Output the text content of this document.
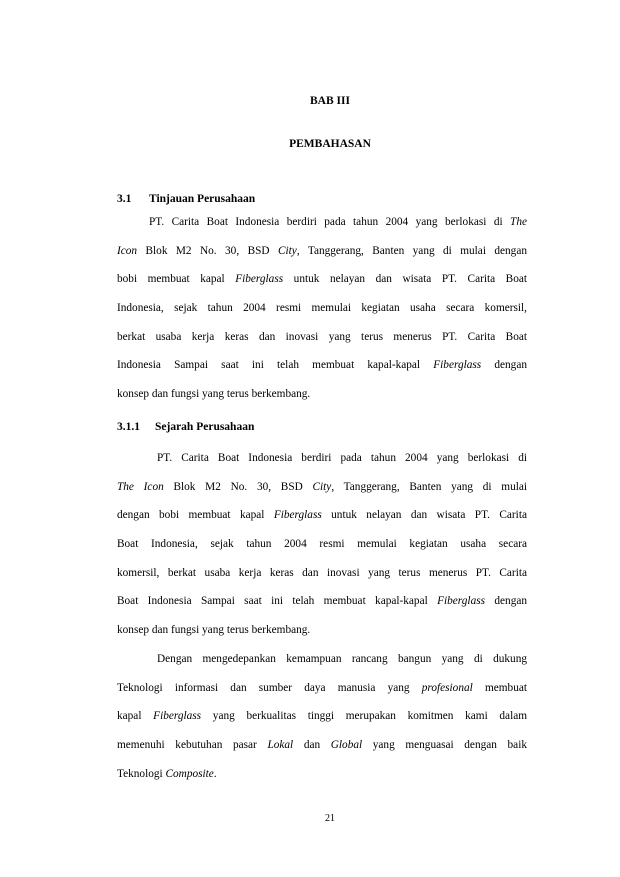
BAB III
PEMBAHASAN
3.1 Tinjauan Perusahaan
PT. Carita Boat Indonesia berdiri pada tahun 2004 yang berlokasi di The
Icon Blok M2 No. 30, BSD City, Tanggerang, Banten yang di mulai dengan
bobi membuat kapal Fiberglass untuk nelayan dan wisata PT. Carita Boat
Indonesia, sejak tahun 2004 resmi memulai kegiatan usaha secara komersil,
berkat usaba kerja keras dan inovasi yang terus menerus PT. Carita Boat
Indonesia Sampai saat ini telah membuat kapal-kapal Fiberglass dengan
konsep dan fungsi yang terus berkembang.
3.1.1 Sejarah Perusahaan
PT. Carita Boat Indonesia berdiri pada tahun 2004 yang berlokasi di
The Icon Blok M2 No. 30, BSD City, Tanggerang, Banten yang di mulai
dengan bobi membuat kapal Fiberglass untuk nelayan dan wisata PT. Carita
Boat Indonesia, sejak tahun 2004 resmi memulai kegiatan usaha secara
komersil, berkat usaba kerja keras dan inovasi yang terus menerus PT. Carita
Boat Indonesia Sampai saat ini telah membuat kapal-kapal Fiberglass dengan
konsep dan fungsi yang terus berkembang.
Dengan mengedepankan kemampuan rancang bangun yang di dukung
Teknologi informasi dan sumber daya manusia yang profesional membuat
kapal Fiberglass yang berkualitas tinggi merupakan komitmen kami dalam
memenuhi kebutuhan pasar Lokal dan Global yang menguasai dengan baik
Teknologi Composite.
21
